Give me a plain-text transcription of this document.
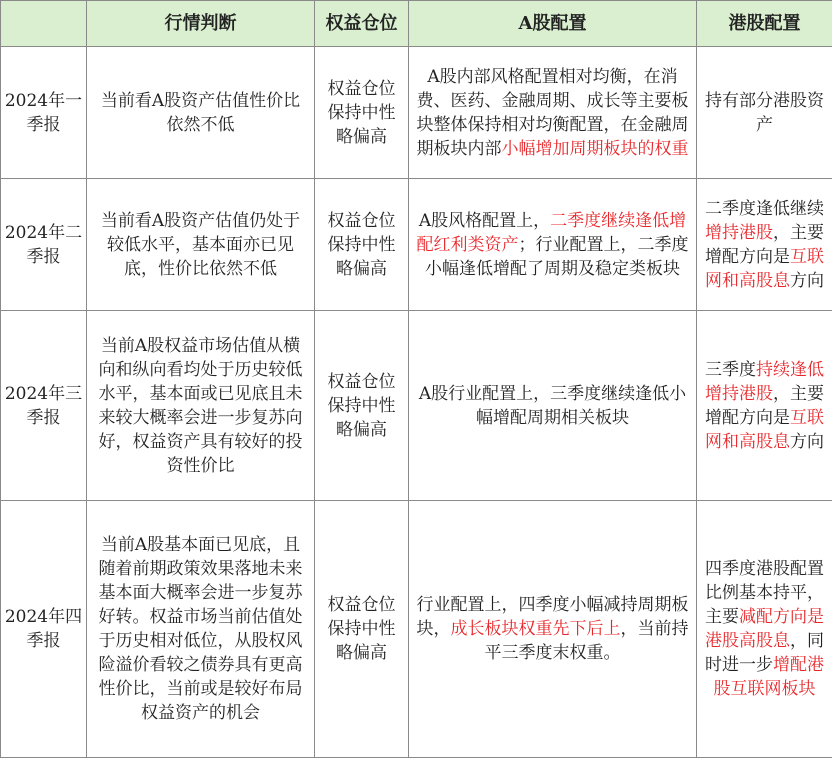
	行情判断	权益仓位	A股配置	港股配置
2024年一季报	当前看A股资产估值性价比依然不低	权益仓位保持中性略偏高	A股内部风格配置相对均衡，在消费、医药、金融周期、成长等主要板块整体保持相对均衡配置，在金融周期板块内部小幅增加周期板块的权重	持有部分港股资产
2024年二季报	当前看A股资产估值仍处于较低水平，基本面亦已见底，性价比依然不低	权益仓位保持中性略偏高	A股风格配置上，二季度继续逢低增配红利类资产；行业配置上，二季度小幅逢低增配了周期及稳定类板块	二季度逢低继续增持港股，主要增配方向是互联网和高股息方向
2024年三季报	当前A股权益市场估值从横向和纵向看均处于历史较低水平，基本面或已见底且未来较大概率会进一步复苏向好，权益资产具有较好的投资性价比	权益仓位保持中性略偏高	A股行业配置上，三季度继续逢低小幅增配周期相关板块	三季度持续逢低增持港股，主要增配方向是互联网和高股息方向
2024年四季报	当前A股基本面已见底，且随着前期政策效果落地未来基本面大概率会进一步复苏好转。权益市场当前估值处于历史相对低位，从股权风险溢价看较之债券具有更高性价比，当前或是较好布局权益资产的机会	权益仓位保持中性略偏高	行业配置上，四季度小幅减持周期板块，成长板块权重先下后上，当前持平三季度末权重。	四季度港股配置比例基本持平，主要减配方向是港股高股息，同时进一步增配港股互联网板块
